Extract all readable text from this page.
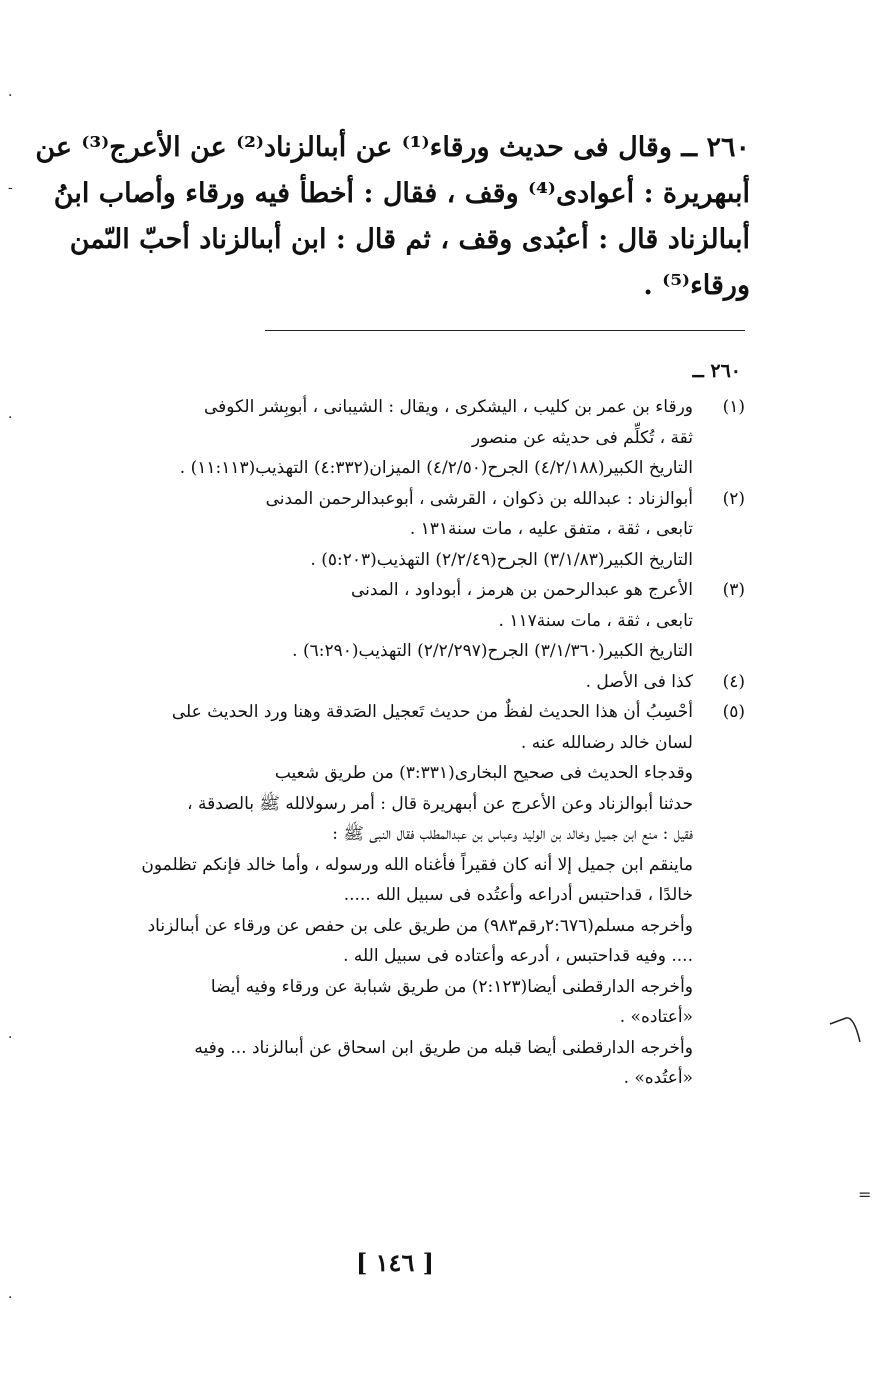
٢٦٠ ــ وقال فى حديث ورقاء⁽¹⁾ عن أبىالزناد⁽²⁾ عن الأعرج⁽³⁾ عن
أبىهريرة : أعوادى⁽⁴⁾ وقف ، فقال : أخطأ فيه ورقاء وأصاب ابنُ
أبىالزناد قال : أعبُدى وقف ، ثم قال : ابن أبىالزناد أحبّ الىّمن
ورقاء⁽⁵⁾ .
٢٦٠ ــ
(١)
ورقاء بن عمر بن كليب ، اليشكرى ، ويقال : الشيبانى ، أبوبِشر الكوفى
ثقة ، تُكلِّم فى حديثه عن منصور
التاريخ الكبير(٤/٢/١٨٨) الجرح(٤/٢/٥٠) الميزان(٤:٣٣٢) التهذيب(١١:١١٣) .
(٢)
أبوالزناد : عبدالله بن ذكوان ، القرشى ، أبوعبدالرحمن المدنى
تابعى ، ثقة ، متفق عليه ، مات سنة١٣١ .
التاريخ الكبير(٣/١/٨٣) الجرح(٢/٢/٤٩) التهذيب(٥:٢٠٣) .
(٣)
الأعرج هو عبدالرحمن بن هرمز ، أبوداود ، المدنى
تابعى ، ثقة ، مات سنة١١٧ .
التاريخ الكبير(٣/١/٣٦٠) الجرح(٢/٢/٢٩٧) التهذيب(٦:٢٩٠) .
(٤)
كذا فى الأصل .
(٥)
أحْسِبُ أن هذا الحديث لفظٌ من حديث تَعجيل الصَدقة وهنا ورد الحديث على
لسان خالد رضىالله عنه .
وقدجاء الحديث فى صحيح البخارى(٣:٣٣١) من طريق شعيب
حدثنا أبوالزناد وعن الأعرج عن أبىهريرة قال : أمر رسولالله ﷺ بالصدقة ،
فقيل : منع ابن جميل وخالد بن الوليد وعباس بن عبدالمطلب فقال النبى ﷺ :
ماينقم ابن جميل إلا أنه كان فقيراً فأغناه الله ورسوله ، وأما خالد فإنكم تظلمون
خالدًا ، قداحتبس أدراعه وأعتُده فى سبيل الله .....
وأخرجه مسلم(٢:٦٧٦رقم٩٨٣) من طريق على بن حفص عن ورقاء عن أبىالزناد
.... وفيه قداحتبس ، أدرعه وأعتاده فى سبيل الله .
وأخرجه الدارقطنى أيضا(٢:١٢٣) من طريق شبابة عن ورقاء وفيه أيضا
«أعتاده» .
وأخرجه الدارقطنى أيضا قبله من طريق ابن اسحاق عن أبىالزناد ... وفيه
«أعتُده» .
[ ١٤٦ ]
·
-
·
·
·
=
